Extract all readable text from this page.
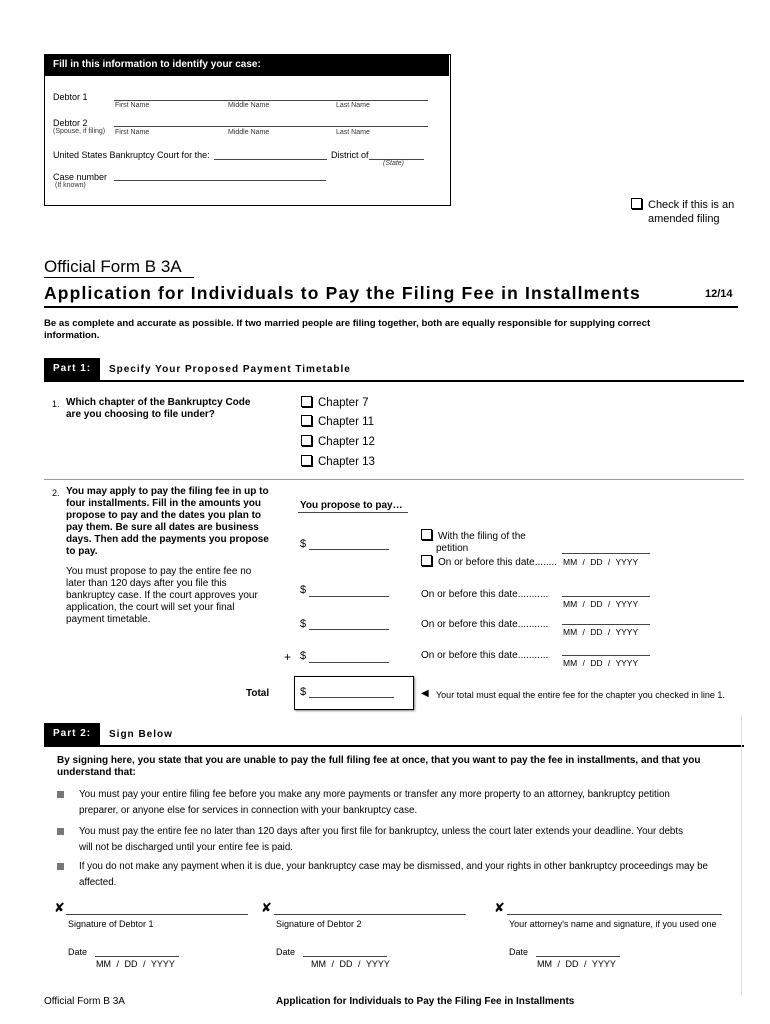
Fill in this information to identify your case:
Debtor 1
First Name	Middle Name	Last Name
Debtor 2
(Spouse, if filing) First Name	Middle Name	Last Name
United States Bankruptcy Court for the:	District of
(State)
Case number
(If known)
Check if this is an
amended filing
Official Form B 3A
Application for Individuals to Pay the Filing Fee in Installments	12/14
Be as complete and accurate as possible. If two married people are filing together, both are equally responsible for supplying correct information.
Part 1:	Specify Your Proposed Payment Timetable
1. Which chapter of the Bankruptcy Code are you choosing to file under?
Chapter 7
Chapter 11
Chapter 12
Chapter 13
2. You may apply to pay the filing fee in up to four installments. Fill in the amounts you propose to pay and the dates you plan to pay them. Be sure all dates are business days. Then add the payments you propose to pay.
You must propose to pay the entire fee no later than 120 days after you file this bankruptcy case. If the court approves your application, the court will set your final payment timetable.
You propose to pay…
$
With the filing of the
petition
On or before this date........ MM / DD / YYYY
$	On or before this date...........
MM / DD / YYYY
$	On or before this date...........
MM / DD / YYYY
+ $	On or before this date...........
MM / DD / YYYY
Total	$	◀ Your total must equal the entire fee for the chapter you checked in line 1.
Part 2:	Sign Below
By signing here, you state that you are unable to pay the full filing fee at once, that you want to pay the fee in installments, and that you understand that:
You must pay your entire filing fee before you make any more payments or transfer any more property to an attorney, bankruptcy petition preparer, or anyone else for services in connection with your bankruptcy case.
You must pay the entire fee no later than 120 days after you first file for bankruptcy, unless the court later extends your deadline. Your debts will not be discharged until your entire fee is paid.
If you do not make any payment when it is due, your bankruptcy case may be dismissed, and your rights in other bankruptcy proceedings may be affected.
✘
Signature of Debtor 1
✘
Signature of Debtor 2
✘
Your attorney's name and signature, if you used one
Date
MM / DD / YYYY
Date
MM / DD / YYYY
Date
MM / DD / YYYY
Official Form B 3A	Application for Individuals to Pay the Filing Fee in Installments
